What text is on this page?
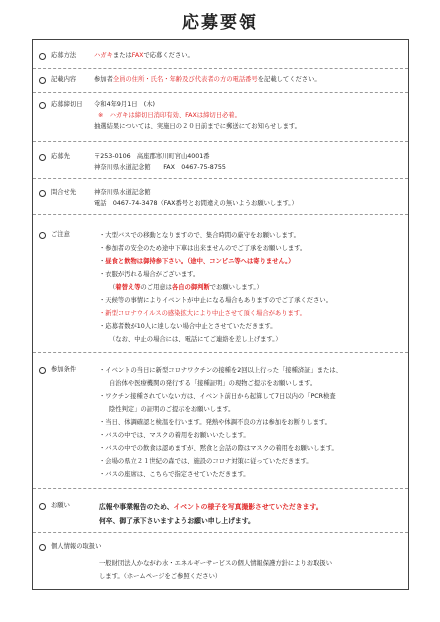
応募要領
応募方法	ハガキまたはFAXで応募ください。
記載内容	参加者全員の住所・氏名・年齢及び代表者の方の電話番号を記載してください。
応募締切日 令和4年9月1日　(木)
※　ハガキは締切日消印有効、FAXは締切日必着。
抽選結果については、実施日の２０日前までに郵送にてお知らせします。
応募先	〒253-0106　高座郡寒川町宮山4001番
神奈川県水道記念館　　 FAX　0467-75-8755
問合せ先	神奈川県水道記念館
電話　0467-74-3478（FAX番号とお間違えの無いようお願いします。）
ご注意	・大型バスでの移動となりますので、集合時間の厳守をお願いします。
・参加者の安全のため途中下車は出来ませんのでご了承をお願いします。
・昼食と飲物は御持参下さい。（途中、コンビニ等へは寄りません。）
・衣服が汚れる場合がございます。
（着替え等のご用意は各自の御判断でお願いします。）
・天候等の事情によりイベントが中止になる場合もありますのでご了承ください。
・新型コロナウイルスの感染拡大により中止させて頂く場合があります。
・応募者数が10人に達しない場合中止とさせていただきます。
（なお、中止の場合には、電話にてご連絡を差し上げます。）
参加条件	・イベントの当日に新型コロナワクチンの接種を2回以上行った「接種済証」または、
自治体や医療機関の発行する「接種証明」の現物ご提示をお願いします。
・ワクチン接種されていない方は、イベント前日から起算して7日以内の「PCR検査
陰性判定」の証明のご提示をお願いします。
・当日、体調確認と検温を行います。発熱や体調不良の方は参加をお断りします。
・バスの中では、マスクの着用をお願いいたします。
・バスの中での飲食は認めますが、黙食と会話の際はマスクの着用をお願いします。
・会場の県立２１世紀の森では、施設のコロナ対策に従っていただきます。
・バスの座席は、こちらで指定させていただきます。
お願い	広報や事業報告のため、イベントの様子を写真撮影させていただきます。
何卒、御了承下さいますようお願い申し上げます。
個人情報の取扱い
一般財団法人かながわ水・エネルギーサービスの個人情報保護方針によりお取扱い
します。（ホームページをご参照ください）
